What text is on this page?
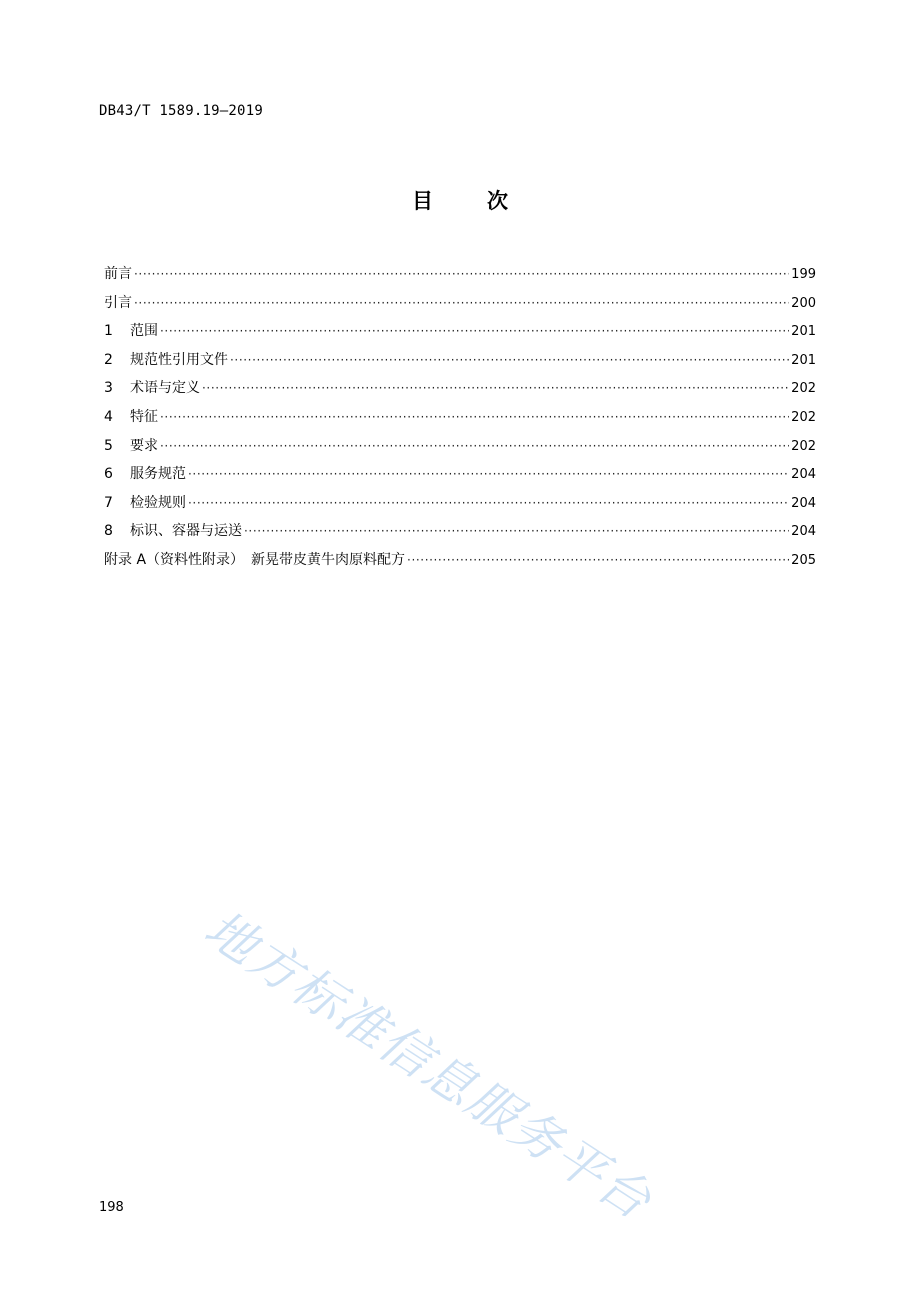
DB43/T 1589.19—2019
目	次
前言 ·····	199
引言 ·····	200
1 范围 ·····	201
2 规范性引用文件 ·····	201
3 术语与定义 ·····	202
4 特征 ·····	202
5 要求 ·····	202
6 服务规范 ·····	204
7 检验规则 ·····	204
8 标识、容器与运送 ·····	204
附录 A（资料性附录）　新晃带皮黄牛肉原料配方 ·····	205
地方标准信息服务平台
198
